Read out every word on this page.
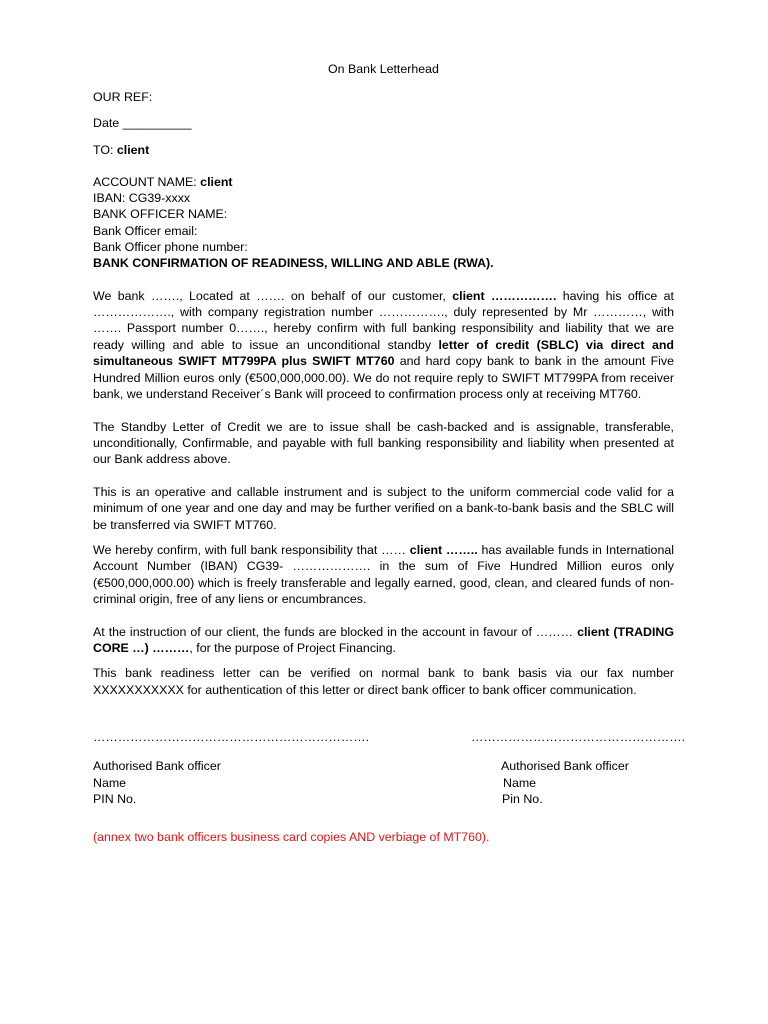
On Bank Letterhead
OUR REF:
Date __________
TO: client
ACCOUNT NAME: client
IBAN: CG39-xxxx
BANK OFFICER NAME:
Bank Officer email:
Bank Officer phone number:
BANK CONFIRMATION OF READINESS, WILLING AND ABLE (RWA).

We bank ……., Located at ……. on behalf of our customer, client ……………. having his office at ………………., with company registration number ……………., duly represented by Mr …………, with ……. Passport number 0……., hereby confirm with full banking responsibility and liability that we are ready willing and able to issue an unconditional standby letter of credit (SBLC) via direct and simultaneous SWIFT MT799PA plus SWIFT MT760 and hard copy bank to bank in the amount Five Hundred Million euros only (€500,000,000.00). We do not require reply to SWIFT MT799PA from receiver bank, we understand Receiver´s Bank will proceed to confirmation process only at receiving MT760.

The Standby Letter of Credit we are to issue shall be cash-backed and is assignable, transferable, unconditionally, Confirmable, and payable with full banking responsibility and liability when presented at our Bank address above.

This is an operative and callable instrument and is subject to the uniform commercial code valid for a minimum of one year and one day and may be further verified on a bank-to-bank basis and the SBLC will be transferred via SWIFT MT760.

We hereby confirm, with full bank responsibility that …… client …….. has available funds in International Account Number (IBAN) CG39- ………………. in the sum of Five Hundred Million euros only (€500,000,000.00) which is freely transferable and legally earned, good, clean, and cleared funds of non-criminal origin, free of any liens or encumbrances.

At the instruction of our client, the funds are blocked in the account in favour of ……… client (TRADING CORE …) ………, for the purpose of Project Financing.

This bank readiness letter can be verified on normal bank to bank basis via our fax number XXXXXXXXXXX for authentication of this letter or direct bank officer to bank officer communication.

………………………………………………………….
Authorised Bank officer
Name
PIN No.
…………………………………………….
Authorised Bank officer
Name
Pin No.
(annex two bank officers business card copies AND verbiage of MT760).
